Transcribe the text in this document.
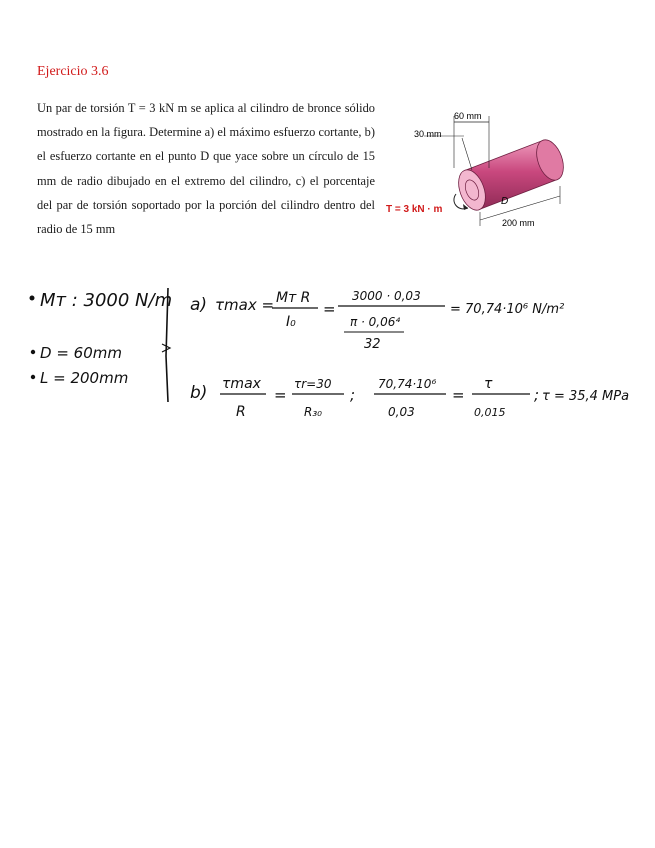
Ejercicio 3.6

Un par de torsión T = 3 kN m se aplica al cilindro de bronce sólido mostrado en la figura. Determine a) el máximo esfuerzo cortante, b) el esfuerzo cortante en el punto D que yace sobre un círculo de 15 mm de radio dibujado en el extremo del cilindro, c) el porcentaje del par de torsión soportado por la porción del cilindro dentro del radio de 15 mm

60 mm
30 mm
D
T = 3 kN · m
200 mm
Mт : 3000 N/m
D = 60mm
L = 200mm
a) τmax = Mт R
I₀
=
3000 · 0,03
π · 0,06⁴
32
= 70,74·10⁶ N/m²
b) τmax
R
=
τr=30
R₃₀
;
70,74·10⁶
0,03
=
τ
0,015
; τ = 35,4 MPa
